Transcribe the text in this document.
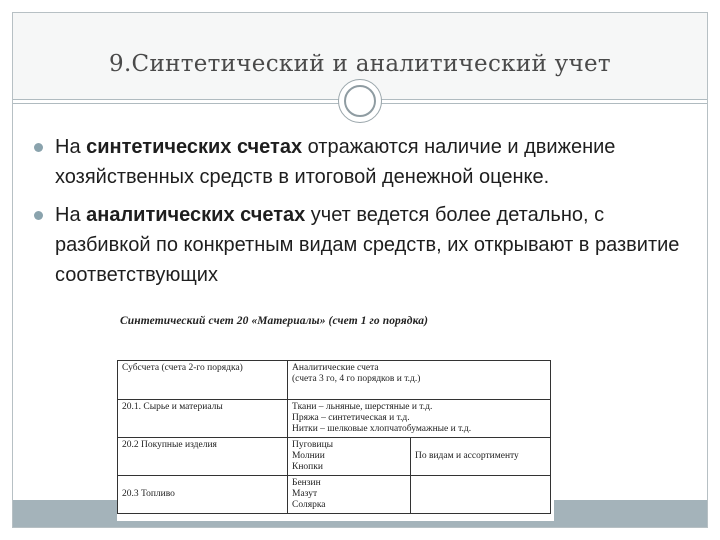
9.Синтетический и аналитический учет
На синтетических счетах отражаются наличие и движение хозяйственных средств в итоговой денежной оценке.
На аналитических счетах учет ведется более детально, с разбивкой по конкретным видам средств, их открывают в развитие соответствующих
Синтетический счет 20 «Материалы» (счет 1 го порядка)
Субсчета (счета 2-го порядка)	Аналитические счета
(счета 3 го, 4 го порядков и т.д.)	

20.1. Сырье и материалы	Ткани – льняные, шерстяные и т.д.
Пряжа – синтетическая и т.д.
Нитки – шелковые хлопчатобумажные и т.д.	

20.2 Покупные изделия	Пуговицы
Молнии
Кнопки	По видам и ассортименту
20.3 Топливо	Бензин
Мазут
Солярка	
